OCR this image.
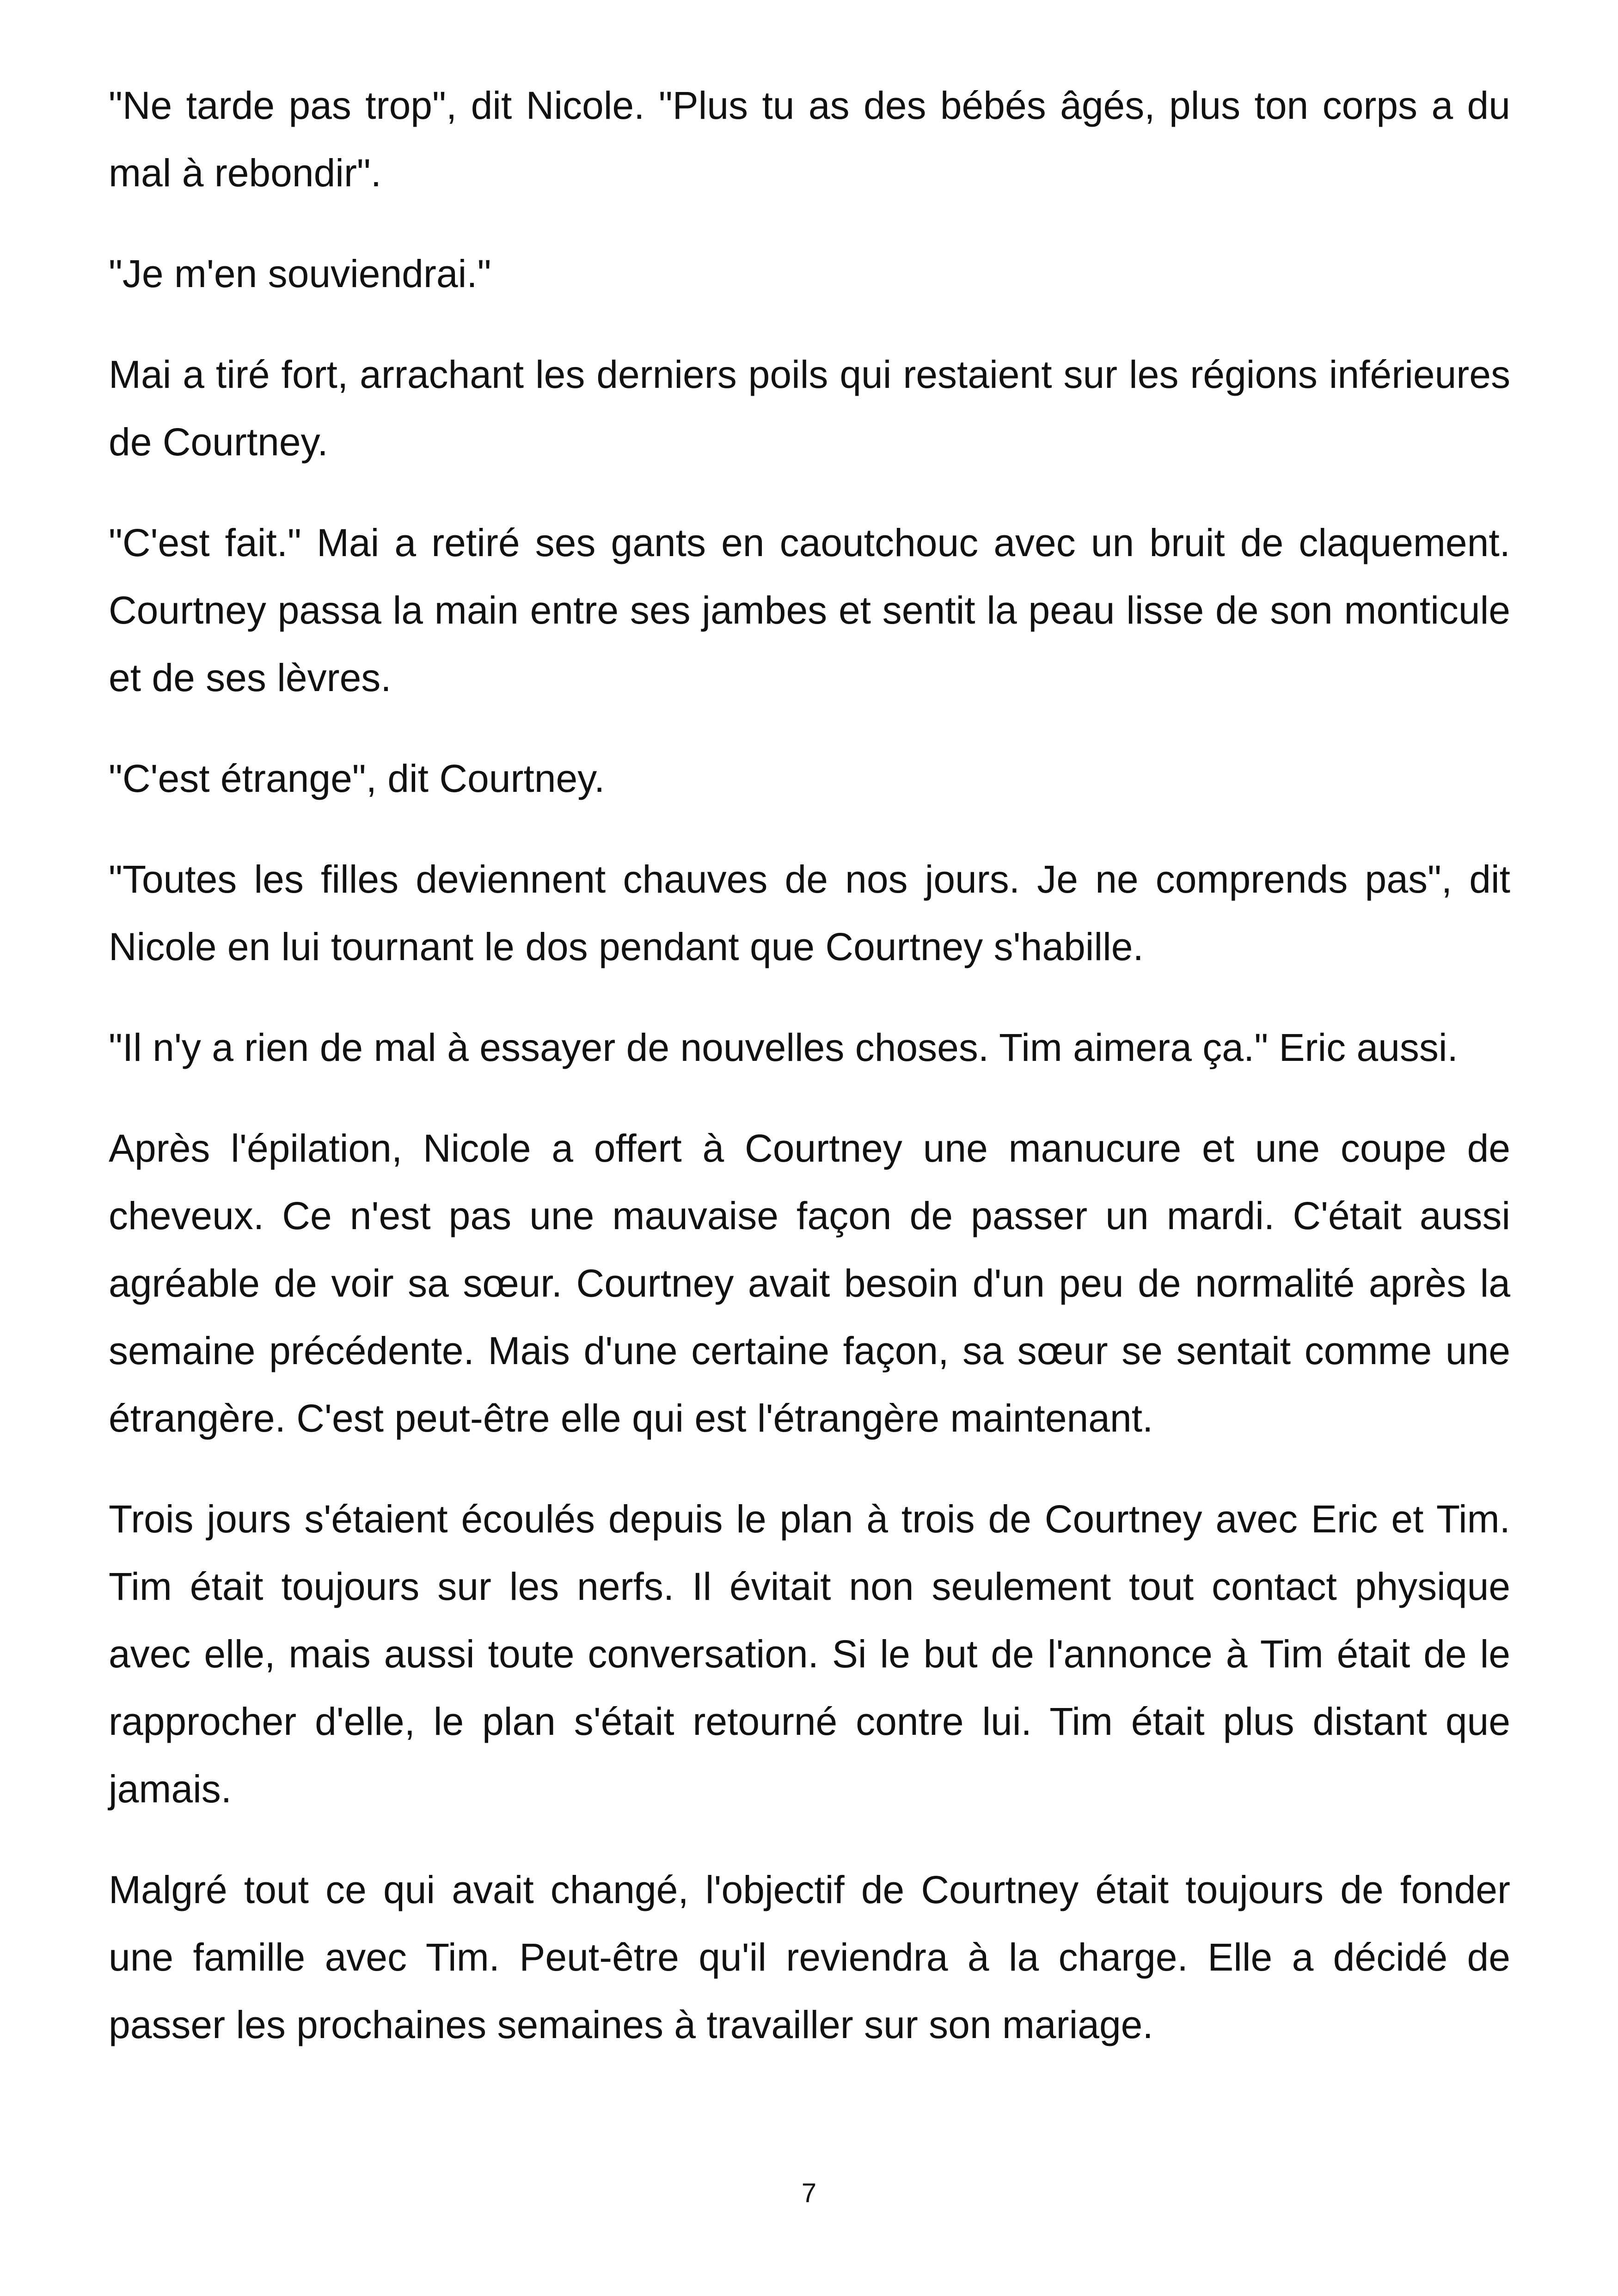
"Ne tarde pas trop", dit Nicole. "Plus tu as des bébés âgés, plus ton corps a du mal à rebondir".

"Je m'en souviendrai."

Mai a tiré fort, arrachant les derniers poils qui restaient sur les régions inférieures de Courtney.

"C'est fait." Mai a retiré ses gants en caoutchouc avec un bruit de claquement. Courtney passa la main entre ses jambes et sentit la peau lisse de son monticule et de ses lèvres.

"C'est étrange", dit Courtney.

"Toutes les filles deviennent chauves de nos jours. Je ne comprends pas", dit Nicole en lui tournant le dos pendant que Courtney s'habille.

"Il n'y a rien de mal à essayer de nouvelles choses. Tim aimera ça." Eric aussi.

Après l'épilation, Nicole a offert à Courtney une manucure et une coupe de cheveux. Ce n'est pas une mauvaise façon de passer un mardi. C'était aussi agréable de voir sa sœur. Courtney avait besoin d'un peu de normalité après la semaine précédente. Mais d'une certaine façon, sa sœur se sentait comme une étrangère. C'est peut-être elle qui est l'étrangère maintenant.

Trois jours s'étaient écoulés depuis le plan à trois de Courtney avec Eric et Tim. Tim était toujours sur les nerfs. Il évitait non seulement tout contact physique avec elle, mais aussi toute conversation. Si le but de l'annonce à Tim était de le rapprocher d'elle, le plan s'était retourné contre lui. Tim était plus distant que jamais.

Malgré tout ce qui avait changé, l'objectif de Courtney était toujours de fonder une famille avec Tim. Peut-être qu'il reviendra à la charge. Elle a décidé de passer les prochaines semaines à travailler sur son mariage.

7
